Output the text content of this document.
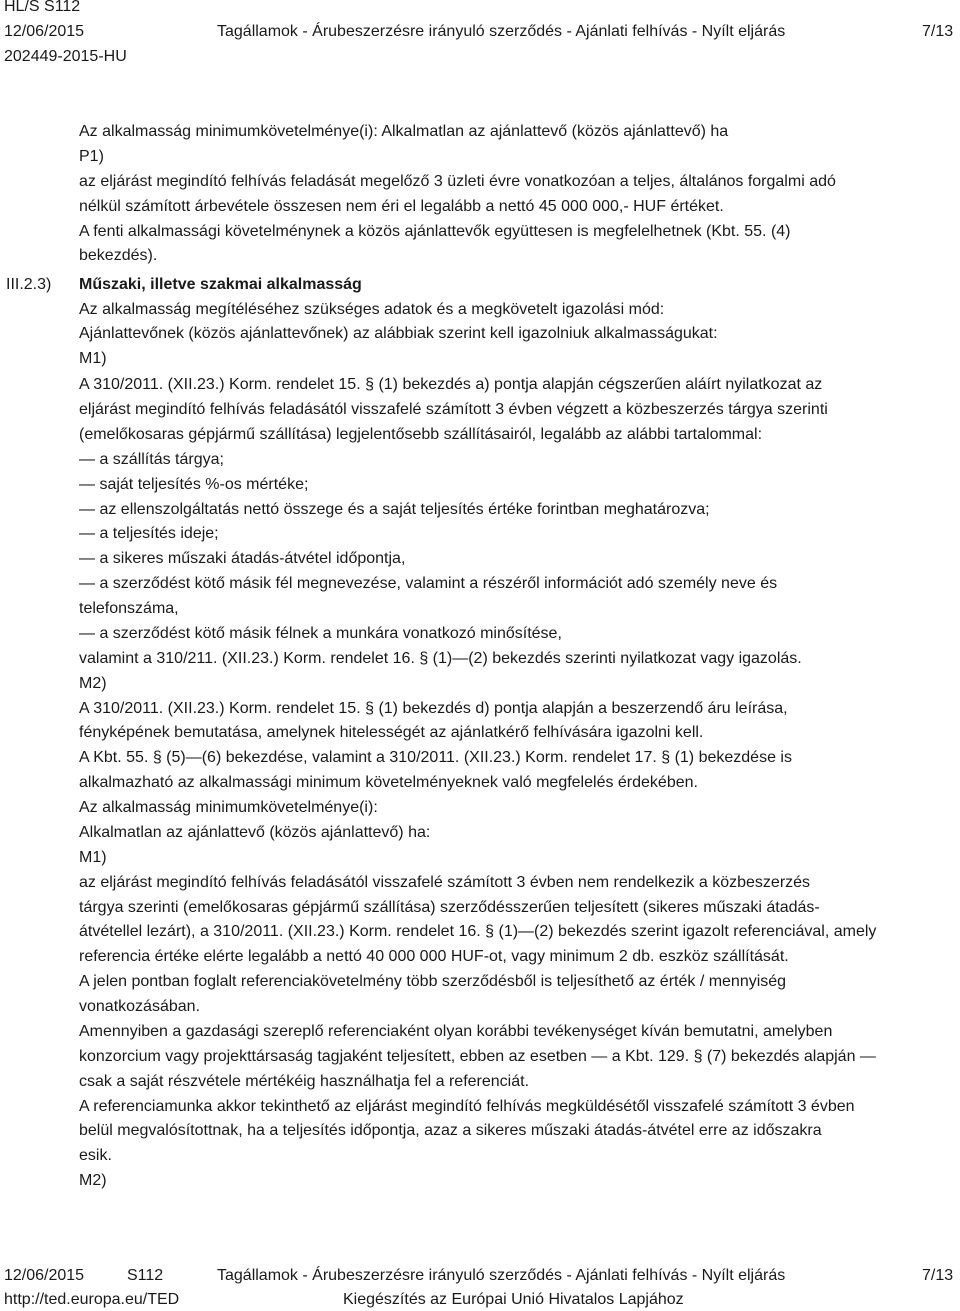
HL/S S112
12/06/2015	Tagállamok - Árubeszerzésre irányuló szerződés - Ajánlati felhívás - Nyílt eljárás	7/13
202449-2015-HU
III.2.3)
Az alkalmasság minimumkövetelménye(i): Alkalmatlan az ajánlattevő (közös ajánlattevő) ha
P1)
az eljárást megindító felhívás feladását megelőző 3 üzleti évre vonatkozóan a teljes, általános forgalmi adó
nélkül számított árbevétele összesen nem éri el legalább a nettó 45 000 000,- HUF értéket.
A fenti alkalmassági követelménynek a közös ajánlattevők együttesen is megfelelhetnek (Kbt. 55. (4)
bekezdés).
Műszaki, illetve szakmai alkalmasság
Az alkalmasság megítéléséhez szükséges adatok és a megkövetelt igazolási mód:
Ajánlattevőnek (közös ajánlattevőnek) az alábbiak szerint kell igazolniuk alkalmasságukat:
M1)
A 310/2011. (XII.23.) Korm. rendelet 15. § (1) bekezdés a) pontja alapján cégszerűen aláírt nyilatkozat az
eljárást megindító felhívás feladásától visszafelé számított 3 évben végzett a közbeszerzés tárgya szerinti
(emelőkosaras gépjármű szállítása) legjelentősebb szállításairól, legalább az alábbi tartalommal:
— a szállítás tárgya;
— saját teljesítés %-os mértéke;
— az ellenszolgáltatás nettó összege és a saját teljesítés értéke forintban meghatározva;
— a teljesítés ideje;
— a sikeres műszaki átadás-átvétel időpontja,
— a szerződést kötő másik fél megnevezése, valamint a részéről információt adó személy neve és
telefonszáma,
— a szerződést kötő másik félnek a munkára vonatkozó minősítése,
valamint a 310/211. (XII.23.) Korm. rendelet 16. § (1)—(2) bekezdés szerinti nyilatkozat vagy igazolás.
M2)
A 310/2011. (XII.23.) Korm. rendelet 15. § (1) bekezdés d) pontja alapján a beszerzendő áru leírása,
fényképének bemutatása, amelynek hitelességét az ajánlatkérő felhívására igazolni kell.
A Kbt. 55. § (5)—(6) bekezdése, valamint a 310/2011. (XII.23.) Korm. rendelet 17. § (1) bekezdése is
alkalmazható az alkalmassági minimum követelményeknek való megfelelés érdekében.
Az alkalmasság minimumkövetelménye(i):
Alkalmatlan az ajánlattevő (közös ajánlattevő) ha:
M1)
az eljárást megindító felhívás feladásától visszafelé számított 3 évben nem rendelkezik a közbeszerzés
tárgya szerinti (emelőkosaras gépjármű szállítása) szerződésszerűen teljesített (sikeres műszaki átadás-
átvétellel lezárt), a 310/2011. (XII.23.) Korm. rendelet 16. § (1)—(2) bekezdés szerint igazolt referenciával, amely
referencia értéke elérte legalább a nettó 40 000 000 HUF-ot, vagy minimum 2 db. eszköz szállítását.
A jelen pontban foglalt referenciakövetelmény több szerződésből is teljesíthető az érték / mennyiség
vonatkozásában.
Amennyiben a gazdasági szereplő referenciaként olyan korábbi tevékenységet kíván bemutatni, amelyben
konzorcium vagy projekttársaság tagjaként teljesített, ebben az esetben — a Kbt. 129. § (7) bekezdés alapján —
csak a saját részvétele mértékéig használhatja fel a referenciát.
A referenciamunka akkor tekinthető az eljárást megindító felhívás megküldésétől visszafelé számított 3 évben
belül megvalósítottnak, ha a teljesítés időpontja, azaz a sikeres műszaki átadás-átvétel erre az időszakra
esik.
M2)
12/06/2015	S112	Tagállamok - Árubeszerzésre irányuló szerződés - Ajánlati felhívás - Nyílt eljárás	7/13
http://ted.europa.eu/TED	Kiegészítés az Európai Unió Hivatalos Lapjához
